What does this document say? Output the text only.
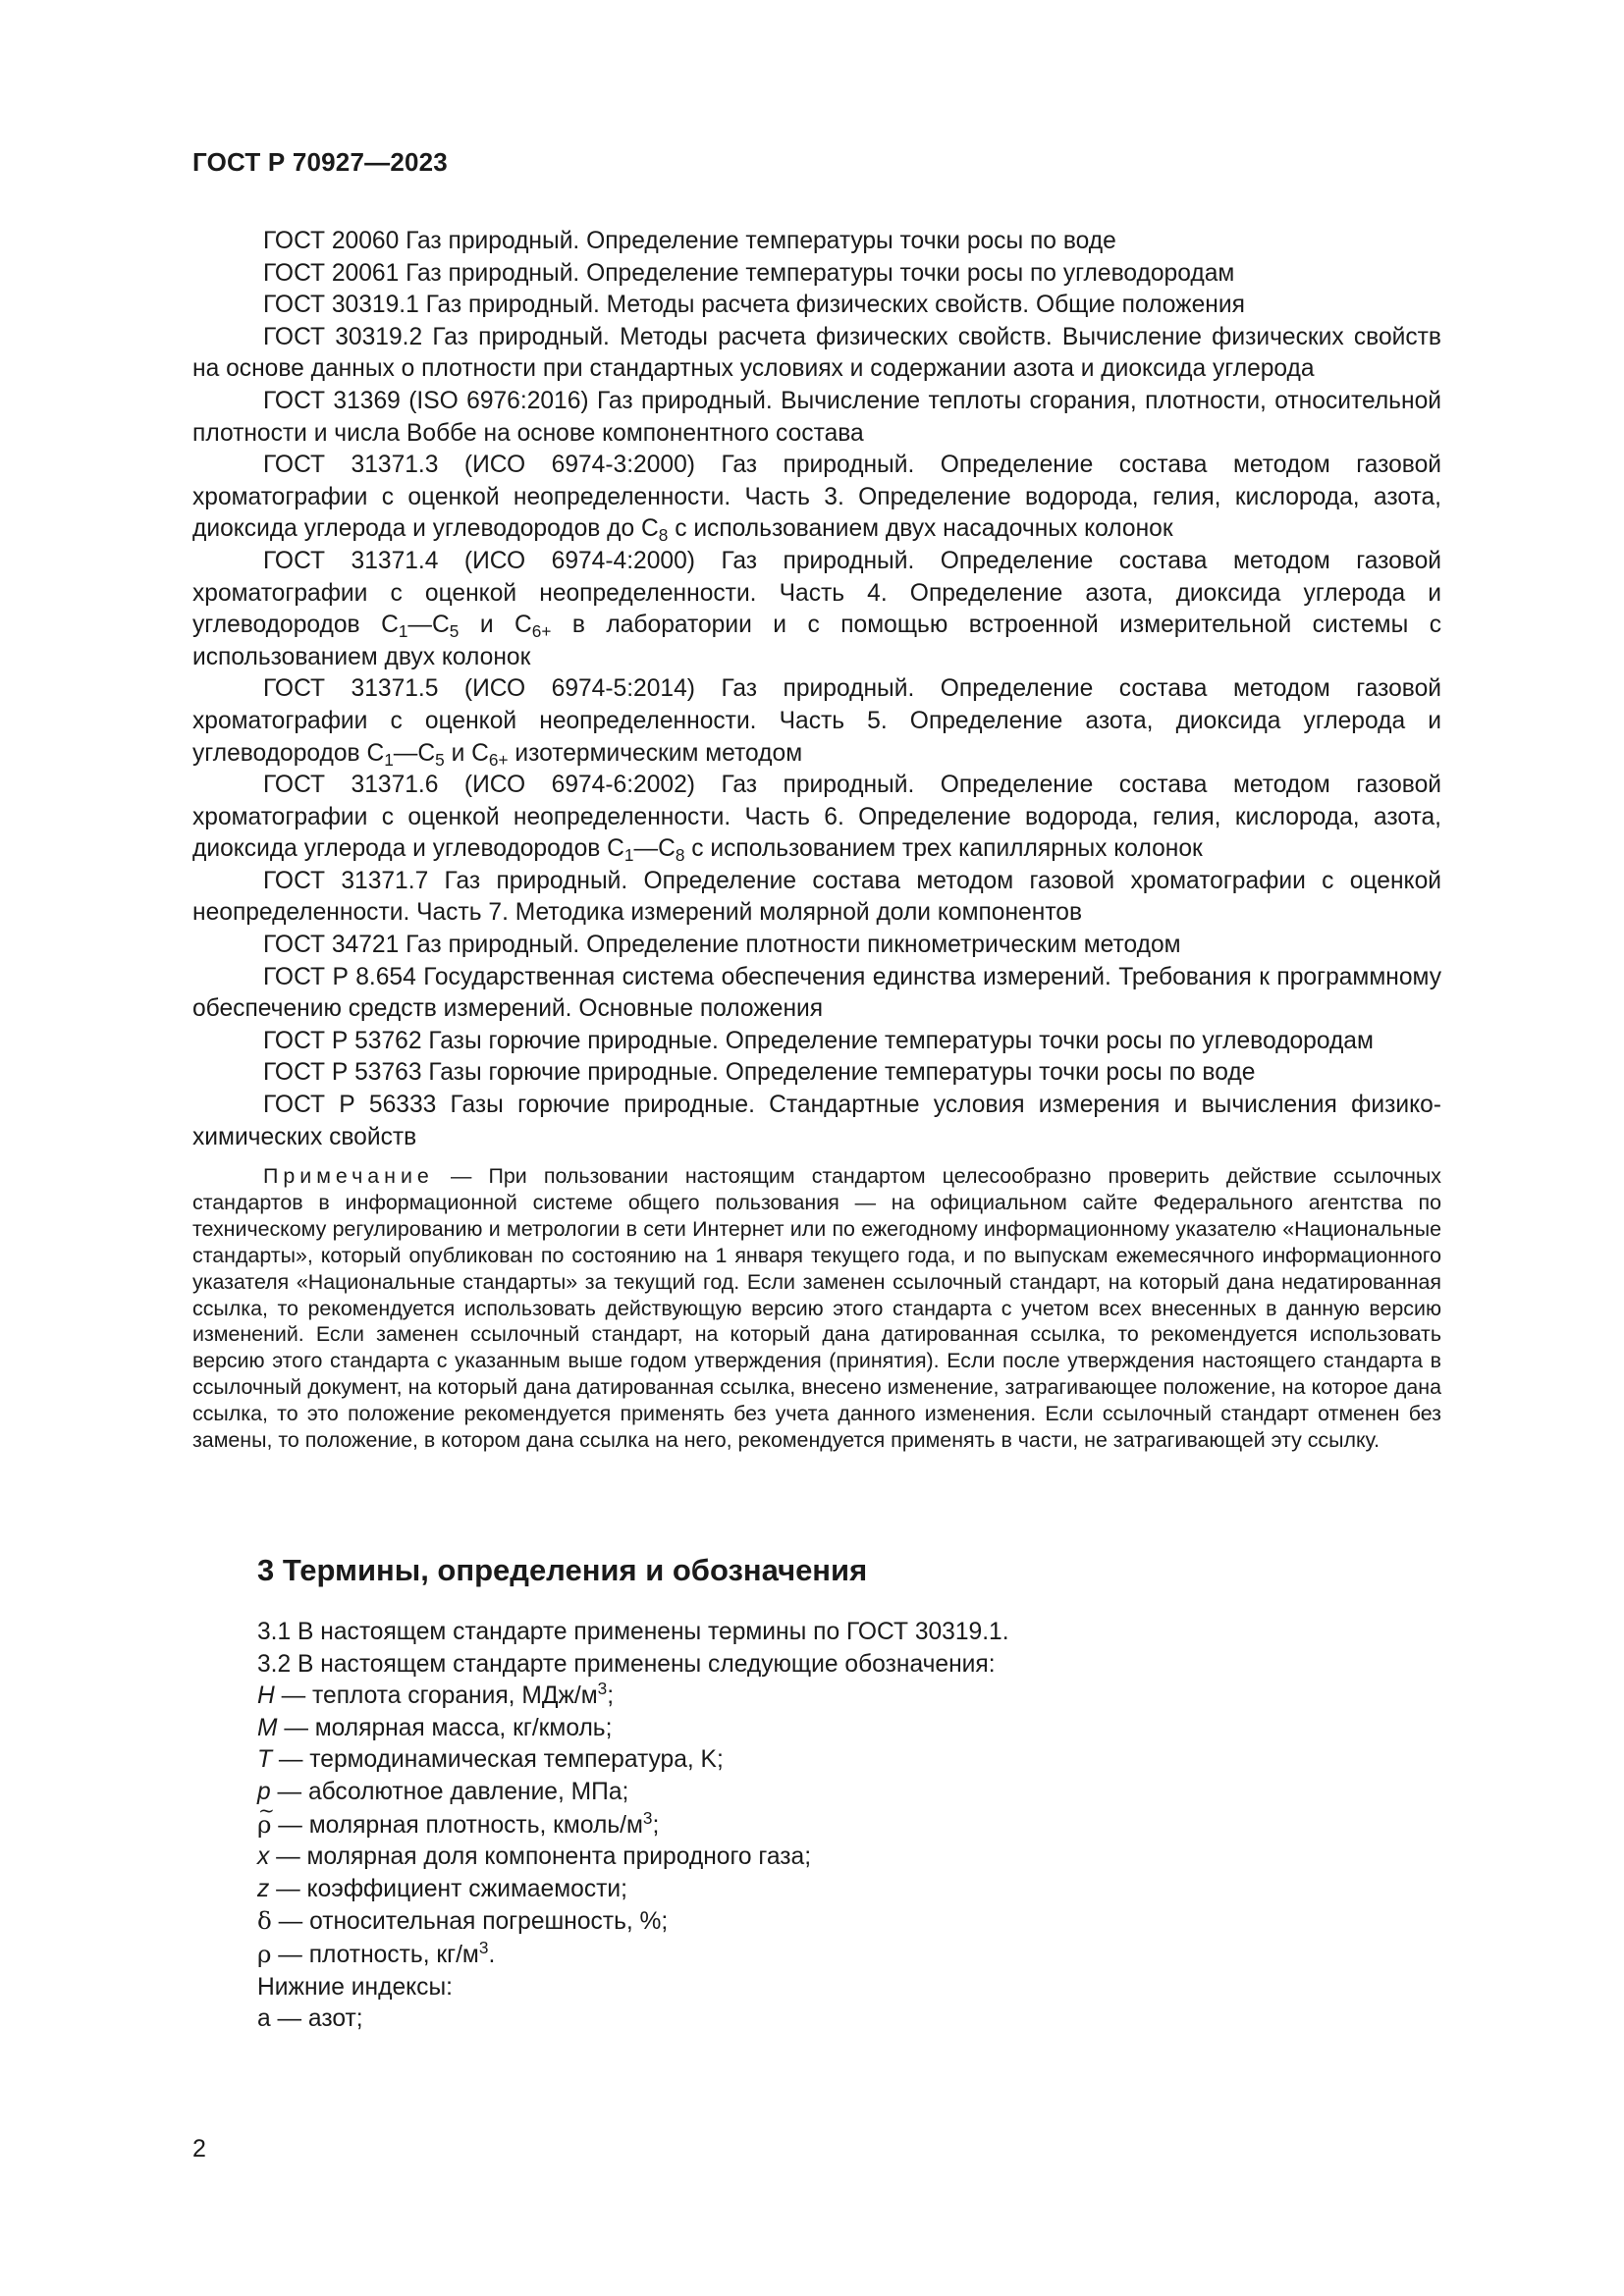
ГОСТ Р 70927—2023

ГОСТ 20060 Газ природный. Определение температуры точки росы по воде

ГОСТ 20061 Газ природный. Определение температуры точки росы по углеводородам

ГОСТ 30319.1 Газ природный. Методы расчета физических свойств. Общие положения

ГОСТ 30319.2 Газ природный. Методы расчета физических свойств. Вычисление физических свойств на основе данных о плотности при стандартных условиях и содержании азота и диоксида углерода

ГОСТ 31369 (ISO 6976:2016) Газ природный. Вычисление теплоты сгорания, плотности, относительной плотности и числа Воббе на основе компонентного состава

ГОСТ 31371.3 (ИСО 6974-3:2000) Газ природный. Определение состава методом газовой хроматографии с оценкой неопределенности. Часть 3. Определение водорода, гелия, кислорода, азота, диоксида углерода и углеводородов до $C_8$ с использованием двух насадочных колонок

ГОСТ 31371.4 (ИСО 6974-4:2000) Газ природный. Определение состава методом газовой хроматографии с оценкой неопределенности. Часть 4. Определение азота, диоксида углерода и углеводородов $C_1—C_5$ и $C_{6+}$ в лаборатории и с помощью встроенной измерительной системы с использованием двух колонок

ГОСТ 31371.5 (ИСО 6974-5:2014) Газ природный. Определение состава методом газовой хроматографии с оценкой неопределенности. Часть 5. Определение азота, диоксида углерода и углеводородов $C_1—C_5$ и $C_{6+}$ изотермическим методом

ГОСТ 31371.6 (ИСО 6974-6:2002) Газ природный. Определение состава методом газовой хроматографии с оценкой неопределенности. Часть 6. Определение водорода, гелия, кислорода, азота, диоксида углерода и углеводородов $C_1—C_8$ с использованием трех капиллярных колонок

ГОСТ 31371.7 Газ природный. Определение состава методом газовой хроматографии с оценкой неопределенности. Часть 7. Методика измерений молярной доли компонентов

ГОСТ 34721 Газ природный. Определение плотности пикнометрическим методом

ГОСТ Р 8.654 Государственная система обеспечения единства измерений. Требования к программному обеспечению средств измерений. Основные положения

ГОСТ Р 53762 Газы горючие природные. Определение температуры точки росы по углеводородам

ГОСТ Р 53763 Газы горючие природные. Определение температуры точки росы по воде

ГОСТ Р 56333 Газы горючие природные. Стандартные условия измерения и вычисления физико-химических свойств

Примечание — При пользовании настоящим стандартом целесообразно проверить действие ссылочных стандартов в информационной системе общего пользования — на официальном сайте Федерального агентства по техническому регулированию и метрологии в сети Интернет или по ежегодному информационному указателю «Национальные стандарты», который опубликован по состоянию на 1 января текущего года, и по выпускам ежемесячного информационного указателя «Национальные стандарты» за текущий год. Если заменен ссылочный стандарт, на который дана недатированная ссылка, то рекомендуется использовать действующую версию этого стандарта с учетом всех внесенных в данную версию изменений. Если заменен ссылочный стандарт, на который дана датированная ссылка, то рекомендуется использовать версию этого стандарта с указанным выше годом утверждения (принятия). Если после утверждения настоящего стандарта в ссылочный документ, на который дана датированная ссылка, внесено изменение, затрагивающее положение, на которое дана ссылка, то это положение рекомендуется применять без учета данного изменения. Если ссылочный стандарт отменен без замены, то положение, в котором дана ссылка на него, рекомендуется применять в части, не затрагивающей эту ссылку.

3 Термины, определения и обозначения

3.1 В настоящем стандарте применены термины по ГОСТ 30319.1.

3.2 В настоящем стандарте применены следующие обозначения:

H — теплота сгорания, МДж/$м^3$;

M — молярная масса, кг/кмоль;

T — термодинамическая температура, K;

p — абсолютное давление, МПа;

~ ρ — молярная плотность, кмоль/$м^3$;

x — молярная доля компонента природного газа;

z — коэффициент сжимаемости;

δ — относительная погрешность, %;

ρ — плотность, $кг/м^3$.

Нижние индексы:

а — азот;

2
